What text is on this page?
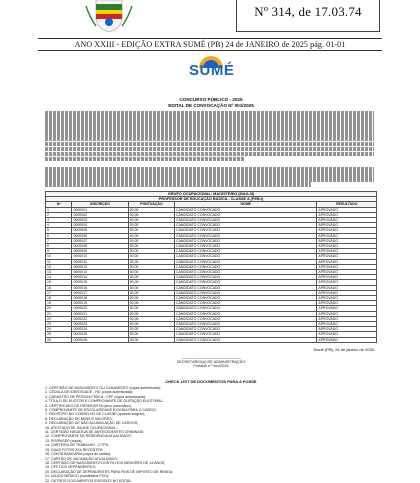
Nº 314, de 17.03.74
ANO XXIII - EDIÇÃO EXTRA SUMÉ (PB) 24 de JANEIRO de 2025 pág. 01-01
SUMÉ
CONCURSO PÚBLICO - 2025
EDITAL DE CONVOCAÇÃO Nº 001/2025
GRUPO OCUPACIONAL: MAGISTÉRIO (MAG-III)				
PROFESSOR DE EDUCAÇÃO BÁSICA - CLASSE A (PEB-I)				
Nº	INSCRIÇÃO	PONTUAÇÃO	NOME	RESULTADO
1	0000001	00,00	CANDIDATO CONVOCADO	APROVADO
2	0000002	00,00	CANDIDATO CONVOCADO	APROVADO
3	0000003	00,00	CANDIDATO CONVOCADO	APROVADO
4	0000004	00,00	CANDIDATO CONVOCADO	APROVADO
5	0000005	00,00	CANDIDATO CONVOCADO	APROVADO
6	0000006	00,00	CANDIDATO CONVOCADO	APROVADO
7	0000007	00,00	CANDIDATO CONVOCADO	APROVADO
8	0000008	00,00	CANDIDATO CONVOCADO	APROVADO
9	0000009	00,00	CANDIDATO CONVOCADO	APROVADO
10	0000010	00,00	CANDIDATO CONVOCADO	APROVADO
11	0000011	00,00	CANDIDATO CONVOCADO	APROVADO
12	0000012	00,00	CANDIDATO CONVOCADO	APROVADO
13	0000013	00,00	CANDIDATO CONVOCADO	APROVADO
14	0000014	00,00	CANDIDATO CONVOCADO	APROVADO
15	0000015	00,00	CANDIDATO CONVOCADO	APROVADO
16	0000016	00,00	CANDIDATO CONVOCADO	APROVADO
17	0000017	00,00	CANDIDATO CONVOCADO	APROVADO
18	0000018	00,00	CANDIDATO CONVOCADO	APROVADO
19	0000019	00,00	CANDIDATO CONVOCADO	APROVADO
20	0000020	00,00	CANDIDATO CONVOCADO	APROVADO
21	0000021	00,00	CANDIDATO CONVOCADO	APROVADO
22	0000022	00,00	CANDIDATO CONVOCADO	APROVADO
23	0000023	00,00	CANDIDATO CONVOCADO	APROVADO
24	0000024	00,00	CANDIDATO CONVOCADO	APROVADO
25	0000025	00,00	CANDIDATO CONVOCADO	APROVADO
26	0000026	00,00	CANDIDATO CONVOCADO	APROVADO
Sumé (PB), 24 de janeiro de 2025.
____________________________
SECRETÁRIO(A) DE ADMINISTRAÇÃO
Portaria n.º xxx/2025
CHECK LIST DE DOCUMENTOS PARA A POSSE
1. CERTIDÃO DE NASCIMENTO OU CASAMENTO (cópia autenticada);
2. CÉDULA DE IDENTIDADE - RG (cópia autenticada);
3. CADASTRO DE PESSOA FÍSICA - CPF (cópia autenticada);
4. TÍTULO DE ELEITOR E COMPROVANTE DE QUITAÇÃO ELEITORAL;
5. CERTIFICADO DE RESERVISTA (sexo masculino);
6. COMPROVANTE DE ESCOLARIDADE EXIGIDA PARA O CARGO;
7. REGISTRO NO CONSELHO DE CLASSE (quando exigido);
8. DECLARAÇÃO DE BENS E VALORES;
9. DECLARAÇÃO DE NÃO ACUMULAÇÃO DE CARGOS;
10. ATESTADO DE SAÚDE OCUPACIONAL;
11. CERTIDÃO NEGATIVA DE ANTECEDENTES CRIMINAIS;
12. COMPROVANTE DE RESIDÊNCIA ATUALIZADO;
13. PIS/PASEP (cópia);
14. CARTEIRA DE TRABALHO - CTPS;
15. DUAS FOTOS 3X4 RECENTES;
16. CONTA BANCÁRIA (cópia do cartão);
17. CARTÃO DE VACINAÇÃO ATUALIZADO;
18. CERTIDÃO DE NASCIMENTO DOS FILHOS MENORES DE 14 ANOS;
19. CPF DOS DEPENDENTES;
20. DECLARAÇÃO DE DEPENDENTES PARA FINS DE IMPOSTO DE RENDA;
21. LAUDO MÉDICO (candidatos PCD);
22. OUTROS DOCUMENTOS EXIGIDOS NO EDITAL.
